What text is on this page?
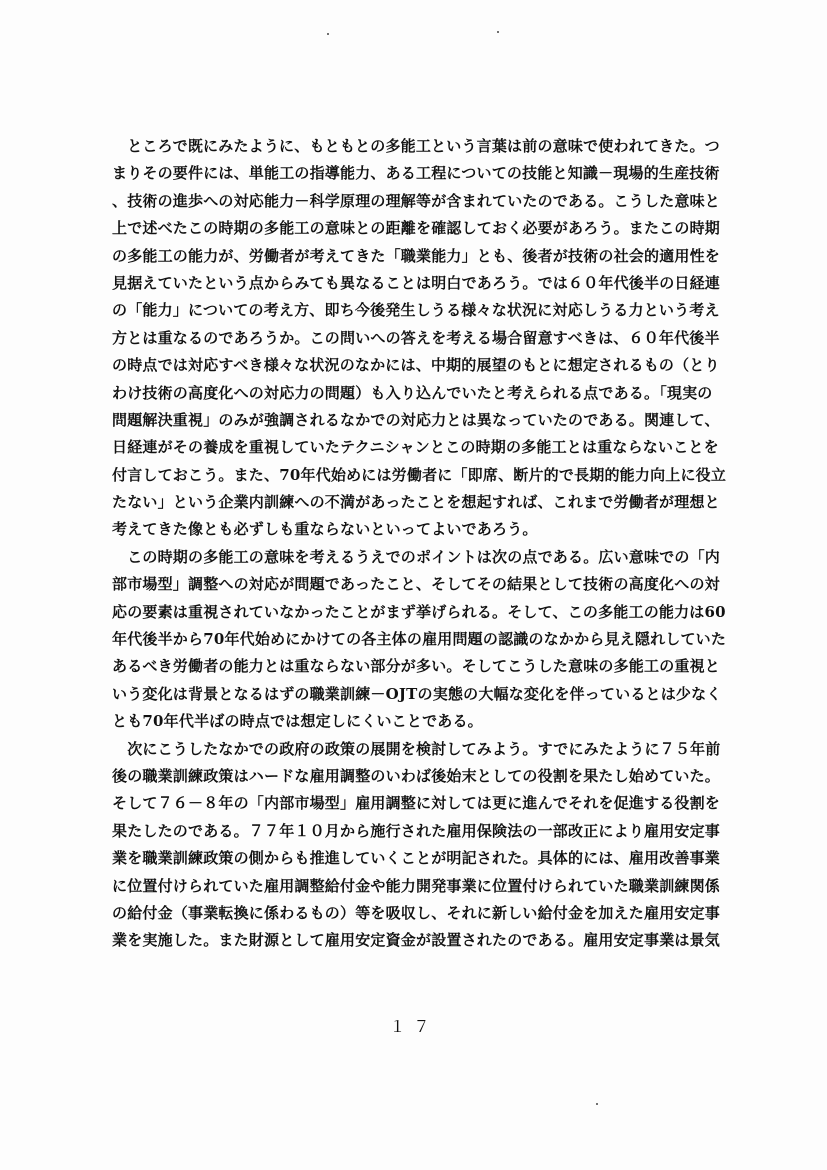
　ところで既にみたように、もともとの多能工という言葉は前の意味で使われてきた。つ
まりその要件には、単能工の指導能力、ある工程についての技能と知識－現場的生産技術
、技術の進歩への対応能力－科学原理の理解等が含まれていたのである。こうした意味と
上で述べたこの時期の多能工の意味との距離を確認しておく必要があろう。またこの時期
の多能工の能力が、労働者が考えてきた「職業能力」とも、後者が技術の社会的適用性を
見据えていたという点からみても異なることは明白であろう。では６０年代後半の日経連
の「能力」についての考え方、即ち今後発生しうる様々な状況に対応しうる力という考え
方とは重なるのであろうか。この問いへの答えを考える場合留意すべきは、６０年代後半
の時点では対応すべき様々な状況のなかには、中期的展望のもとに想定されるもの（とり
わけ技術の高度化への対応力の問題）も入り込んでいたと考えられる点である。「現実の
問題解決重視」のみが強調されるなかでの対応力とは異なっていたのである。関連して、
日経連がその養成を重視していたテクニシャンとこの時期の多能工とは重ならないことを
付言しておこう。また、70年代始めには労働者に「即席、断片的で長期的能力向上に役立
たない」という企業内訓練への不満があったことを想起すれば、これまで労働者が理想と
考えてきた像とも必ずしも重ならないといってよいであろう。
　この時期の多能工の意味を考えるうえでのポイントは次の点である。広い意味での「内
部市場型」調整への対応が問題であったこと、そしてその結果として技術の高度化への対
応の要素は重視されていなかったことがまず挙げられる。そして、この多能工の能力は60
年代後半から70年代始めにかけての各主体の雇用問題の認識のなかから見え隠れしていた
あるべき労働者の能力とは重ならない部分が多い。そしてこうした意味の多能工の重視と
いう変化は背景となるはずの職業訓練－OJTの実態の大幅な変化を伴っているとは少なく
とも70年代半ばの時点では想定しにくいことである。
　次にこうしたなかでの政府の政策の展開を検討してみよう。すでにみたように７５年前
後の職業訓練政策はハードな雇用調整のいわば後始末としての役割を果たし始めていた。
そして７６－８年の「内部市場型」雇用調整に対しては更に進んでそれを促進する役割を
果たしたのである。７７年１０月から施行された雇用保険法の一部改正により雇用安定事
業を職業訓練政策の側からも推進していくことが明記された。具体的には、雇用改善事業
に位置付けられていた雇用調整給付金や能力開発事業に位置付けられていた職業訓練関係
の給付金（事業転換に係わるもの）等を吸収し、それに新しい給付金を加えた雇用安定事
業を実施した。また財源として雇用安定資金が設置されたのである。雇用安定事業は景気
１７
